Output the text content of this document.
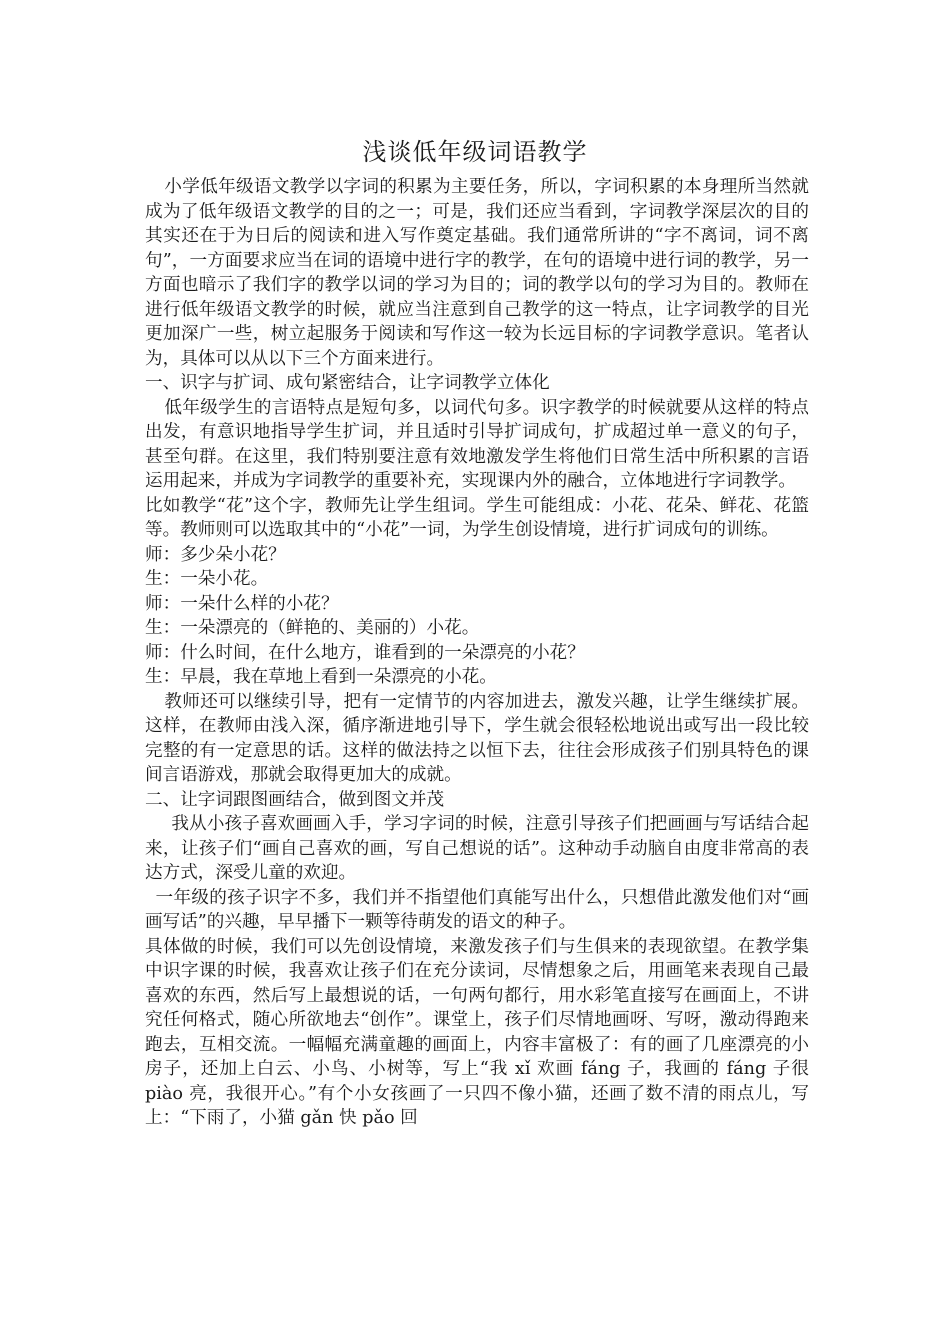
浅谈低年级词语教学

小学低年级语文教学以字词的积累为主要任务，所以，字词积累的本身理所当然就成为了低年级语文教学的目的之一；可是，我们还应当看到，字词教学深层次的目的其实还在于为日后的阅读和进入写作奠定基础。我们通常所讲的“字不离词，词不离句”，一方面要求应当在词的语境中进行字的教学，在句的语境中进行词的教学，另一方面也暗示了我们字的教学以词的学习为目的；词的教学以句的学习为目的。教师在进行低年级语文教学的时候，就应当注意到自己教学的这一特点，让字词教学的目光更加深广一些，树立起服务于阅读和写作这一较为长远目标的字词教学意识。笔者认为，具体可以从以下三个方面来进行。

一、识字与扩词、成句紧密结合，让字词教学立体化

低年级学生的言语特点是短句多，以词代句多。识字教学的时候就要从这样的特点出发，有意识地指导学生扩词，并且适时引导扩词成句，扩成超过单一意义的句子，甚至句群。在这里，我们特别要注意有效地激发学生将他们日常生活中所积累的言语运用起来，并成为字词教学的重要补充，实现课内外的融合，立体地进行字词教学。

比如教学“花”这个字，教师先让学生组词。学生可能组成：小花、花朵、鲜花、花篮等。教师则可以选取其中的“小花”一词，为学生创设情境，进行扩词成句的训练。

师：多少朵小花？

生：一朵小花。

师：一朵什么样的小花？

生：一朵漂亮的（鲜艳的、美丽的）小花。

师：什么时间，在什么地方，谁看到的一朵漂亮的小花？

生：早晨，我在草地上看到一朵漂亮的小花。

教师还可以继续引导，把有一定情节的内容加进去，激发兴趣，让学生继续扩展。这样，在教师由浅入深，循序渐进地引导下，学生就会很轻松地说出或写出一段比较完整的有一定意思的话。这样的做法持之以恒下去，往往会形成孩子们别具特色的课间言语游戏，那就会取得更加大的成就。

二、让字词跟图画结合，做到图文并茂

我从小孩子喜欢画画入手，学习字词的时候，注意引导孩子们把画画与写话结合起来，让孩子们“画自己喜欢的画，写自己想说的话”。这种动手动脑自由度非常高的表达方式，深受儿童的欢迎。

一年级的孩子识字不多，我们并不指望他们真能写出什么，只想借此激发他们对“画画写话”的兴趣，早早播下一颗等待萌发的语文的种子。

具体做的时候，我们可以先创设情境，来激发孩子们与生俱来的表现欲望。在教学集中识字课的时候，我喜欢让孩子们在充分读词，尽情想象之后，用画笔来表现自己最喜欢的东西，然后写上最想说的话，一句两句都行，用水彩笔直接写在画面上，不讲究任何格式，随心所欲地去“创作”。课堂上，孩子们尽情地画呀、写呀，激动得跑来跑去，互相交流。一幅幅充满童趣的画面上，内容丰富极了：有的画了几座漂亮的小房子，还加上白云、小鸟、小树等，写上“我 xǐ 欢画 fáng 子，我画的 fáng 子很 piào 亮，我很开心。”有个小女孩画了一只四不像小猫，还画了数不清的雨点儿，写上：“下雨了，小猫 gǎn 快 pǎo 回
